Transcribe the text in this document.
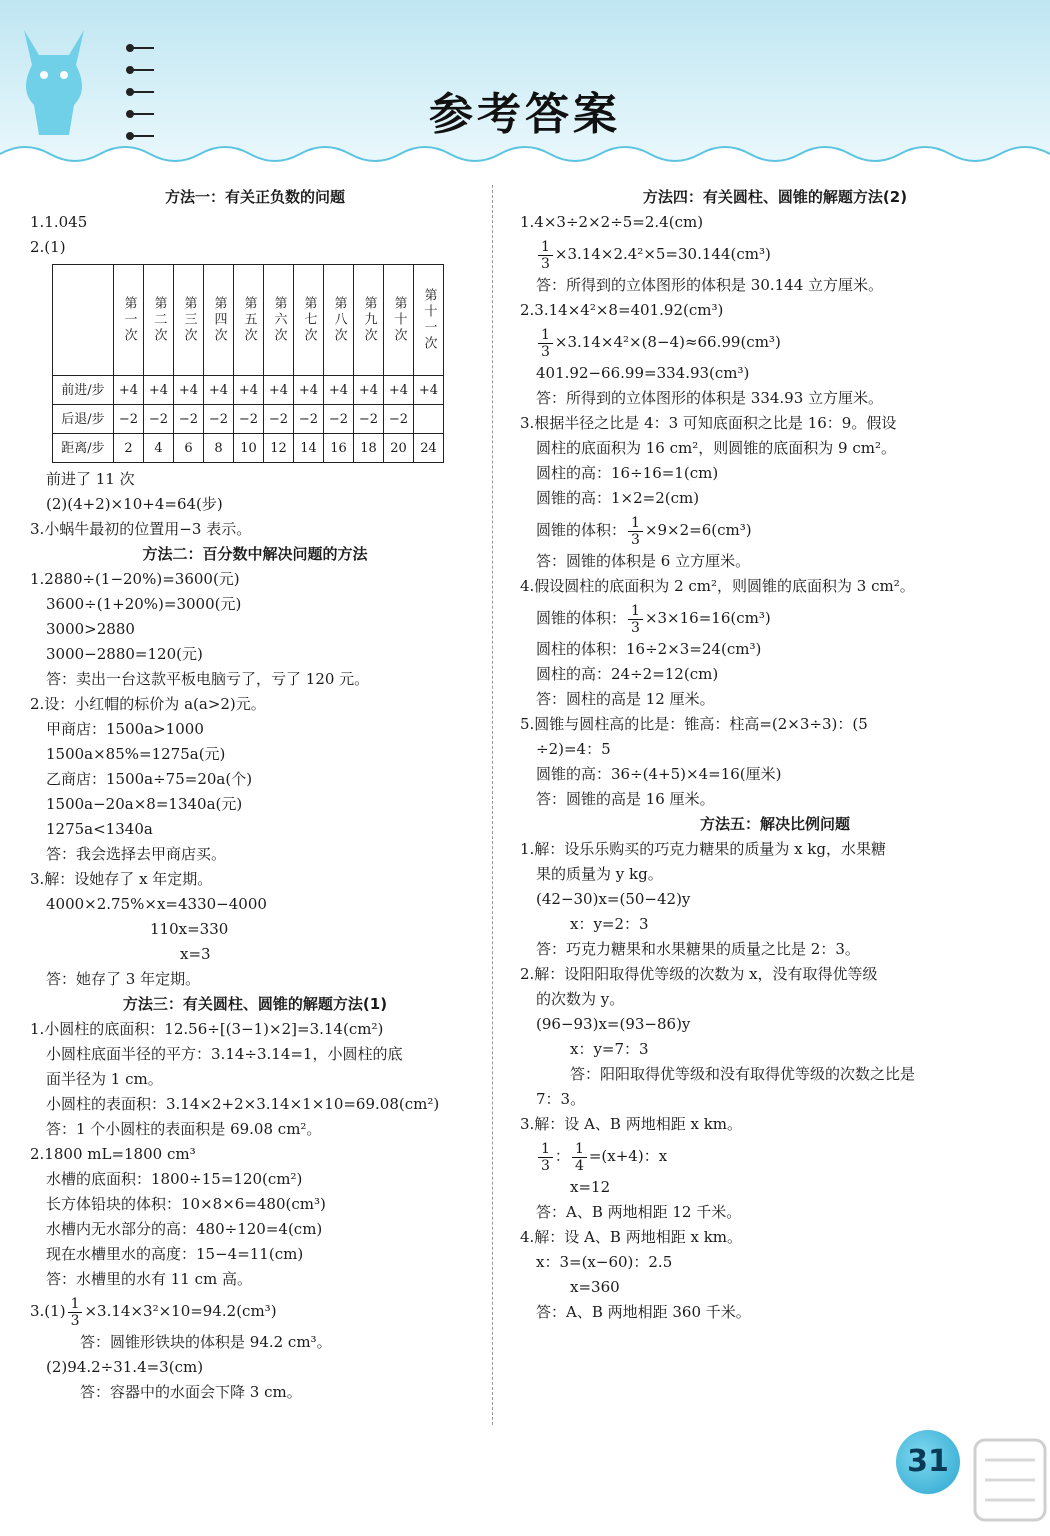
参考答案
方法一：有关正负数的问题
1.1.045
2.(1)
	第一次	第二次	第三次	第四次	第五次	第六次	第七次	第八次	第九次	第十次	第十一次
前进/步	+4	+4	+4	+4	+4	+4	+4	+4	+4	+4	+4
后退/步	−2	−2	−2	−2	−2	−2	−2	−2	−2	−2	
距离/步	2	4	6	8	10	12	14	16	18	20	24
前进了 11 次
(2)(4+2)×10+4=64(步)
3.小蜗牛最初的位置用−3 表示。
方法二：百分数中解决问题的方法
1.2880÷(1−20%)=3600(元)
3600÷(1+20%)=3000(元)
3000>2880
3000−2880=120(元)
答：卖出一台这款平板电脑亏了，亏了 120 元。
2.设：小红帽的标价为 a(a>2)元。
甲商店：1500a>1000
1500a×85%=1275a(元)
乙商店：1500a÷75=20a(个)
1500a−20a×8=1340a(元)
1275a<1340a
答：我会选择去甲商店买。
3.解：设她存了 x 年定期。
4000×2.75%×x=4330−4000
110x=330
x=3
答：她存了 3 年定期。
方法三：有关圆柱、圆锥的解题方法(1)
1.小圆柱的底面积：12.56÷[(3−1)×2]=3.14(cm²)
小圆柱底面半径的平方：3.14÷3.14=1，小圆柱的底
面半径为 1 cm。
小圆柱的表面积：3.14×2+2×3.14×1×10=69.08(cm²)
答：1 个小圆柱的表面积是 69.08 cm²。
2.1800 mL=1800 cm³
水槽的底面积：1800÷15=120(cm²)
长方体铅块的体积：10×8×6=480(cm³)
水槽内无水部分的高：480÷120=4(cm)
现在水槽里水的高度：15−4=11(cm)
答：水槽里的水有 11 cm 高。
$3.(1) \frac{1}{3} \times 3.14\times 3^2\times 10=94.2(cm^3)$
答：圆锥形铁块的体积是 94.2 cm³。
(2)94.2÷31.4=3(cm)
答：容器中的水面会下降 3 cm。
方法四：有关圆柱、圆锥的解题方法(2)
1.4×3÷2×2÷5=2.4(cm)
$\frac{1}{3} \times 3.14\times 2.4^2\times 5=30.144(cm^3)$
答：所得到的立体图形的体积是 30.144 立方厘米。
2.3.14×4²×8=401.92(cm³)
$\frac{1}{3} \times 3.14\times 4^2\times(8-4)\approx 66.99(cm^3)$
401.92−66.99=334.93(cm³)
答：所得到的立体图形的体积是 334.93 立方厘米。
3.根据半径之比是 4：3 可知底面积之比是 16：9。假设
圆柱的底面积为 16 cm²，则圆锥的底面积为 9 cm²。
圆柱的高：16÷16=1(cm)
圆锥的高：1×2=2(cm)
圆锥的体积： $\frac{1}{3} \times 9\times 2=6(cm^3)$
答：圆锥的体积是 6 立方厘米。
4.假设圆柱的底面积为 2 cm²，则圆锥的底面积为 3 cm²。
圆锥的体积： $\frac{1}{3} \times 3\times 16=16(cm^3)$
圆柱的体积：16÷2×3=24(cm³)
圆柱的高：24÷2=12(cm)
答：圆柱的高是 12 厘米。
5.圆锥与圆柱高的比是：锥高：柱高=(2×3÷3)：(5
÷2)=4：5
圆锥的高：36÷(4+5)×4=16(厘米)
答：圆锥的高是 16 厘米。
方法五：解决比例问题
1.解：设乐乐购买的巧克力糖果的质量为 x kg，水果糖
果的质量为 y kg。
(42−30)x=(50−42)y
x：y=2：3
答：巧克力糖果和水果糖果的质量之比是 2：3。
2.解：设阳阳取得优等级的次数为 x，没有取得优等级
的次数为 y。
(96−93)x=(93−86)y
x：y=7：3
答：阳阳取得优等级和没有取得优等级的次数之比是
7：3。
3.解：设 A、B 两地相距 x km。
$\frac{1}{3}$ ： $\frac{1}{4} =(x+4)$：x
x=12
答：A、B 两地相距 12 千米。
4.解：设 A、B 两地相距 x km。
x：3=(x−60)：2.5
x=360
答：A、B 两地相距 360 千米。
31
